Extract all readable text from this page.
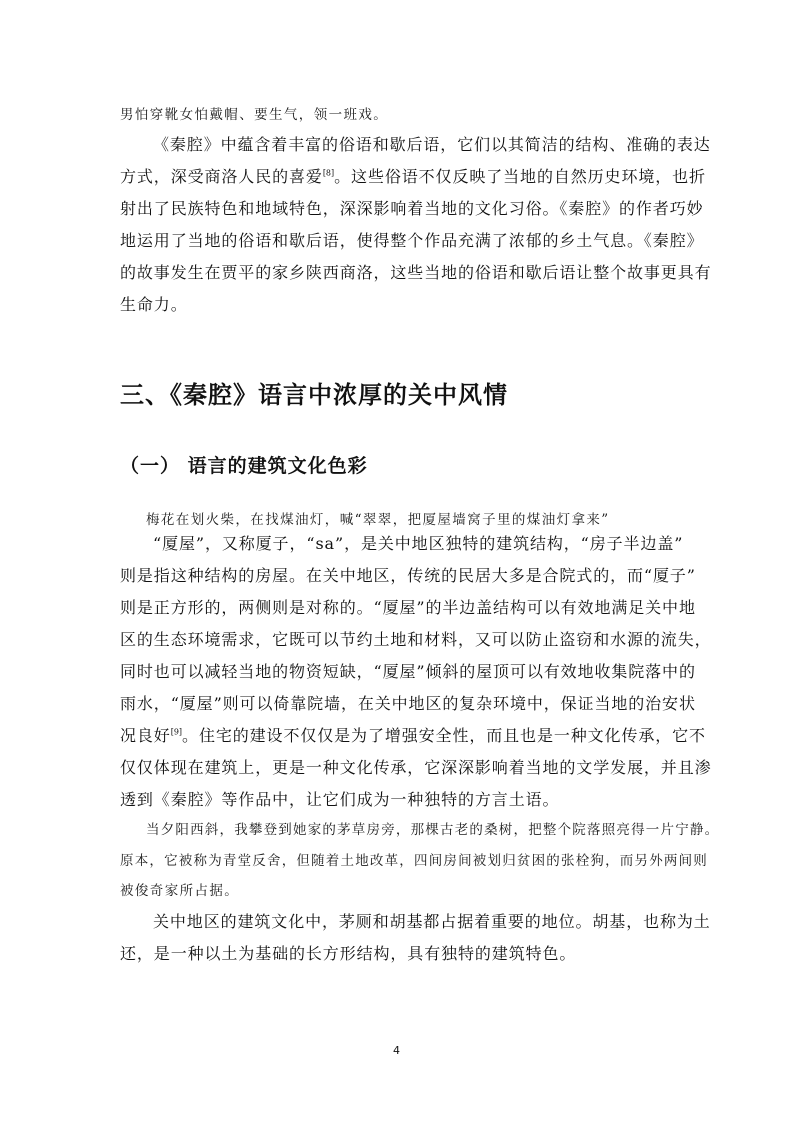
男怕穿靴女怕戴帽、要生气，领一班戏。
《秦腔》中蕴含着丰富的俗语和歇后语，它们以其简洁的结构、准确的表达
方式，深受商洛人民的喜爱[8]。这些俗语不仅反映了当地的自然历史环境，也折
射出了民族特色和地域特色，深深影响着当地的文化习俗。《秦腔》的作者巧妙
地运用了当地的俗语和歇后语，使得整个作品充满了浓郁的乡土气息。《秦腔》
的故事发生在贾平的家乡陕西商洛，这些当地的俗语和歇后语让整个故事更具有
生命力。
三、《秦腔》语言中浓厚的关中风情
（一） 语言的建筑文化色彩
梅花在划火柴，在找煤油灯，喊“翠翠，把厦屋墙窝子里的煤油灯拿来”
“厦屋”，又称厦子，“sa”，是关中地区独特的建筑结构，“房子半边盖”
则是指这种结构的房屋。在关中地区，传统的民居大多是合院式的，而“厦子”
则是正方形的，两侧则是对称的。“厦屋”的半边盖结构可以有效地满足关中地
区的生态环境需求，它既可以节约土地和材料，又可以防止盗窃和水源的流失，
同时也可以减轻当地的物资短缺，“厦屋”倾斜的屋顶可以有效地收集院落中的
雨水，“厦屋”则可以倚靠院墙，在关中地区的复杂环境中，保证当地的治安状
况良好[9]。住宅的建设不仅仅是为了增强安全性，而且也是一种文化传承，它不
仅仅体现在建筑上，更是一种文化传承，它深深影响着当地的文学发展，并且渗
透到《秦腔》等作品中，让它们成为一种独特的方言土语。
当夕阳西斜，我攀登到她家的茅草房旁，那棵古老的桑树，把整个院落照亮得一片宁静。
原本，它被称为青堂反舍，但随着土地改革，四间房间被划归贫困的张栓狗，而另外两间则
被俊奇家所占据。
关中地区的建筑文化中，茅厕和胡基都占据着重要的地位。胡基，也称为土
还，是一种以土为基础的长方形结构，具有独特的建筑特色。
4
